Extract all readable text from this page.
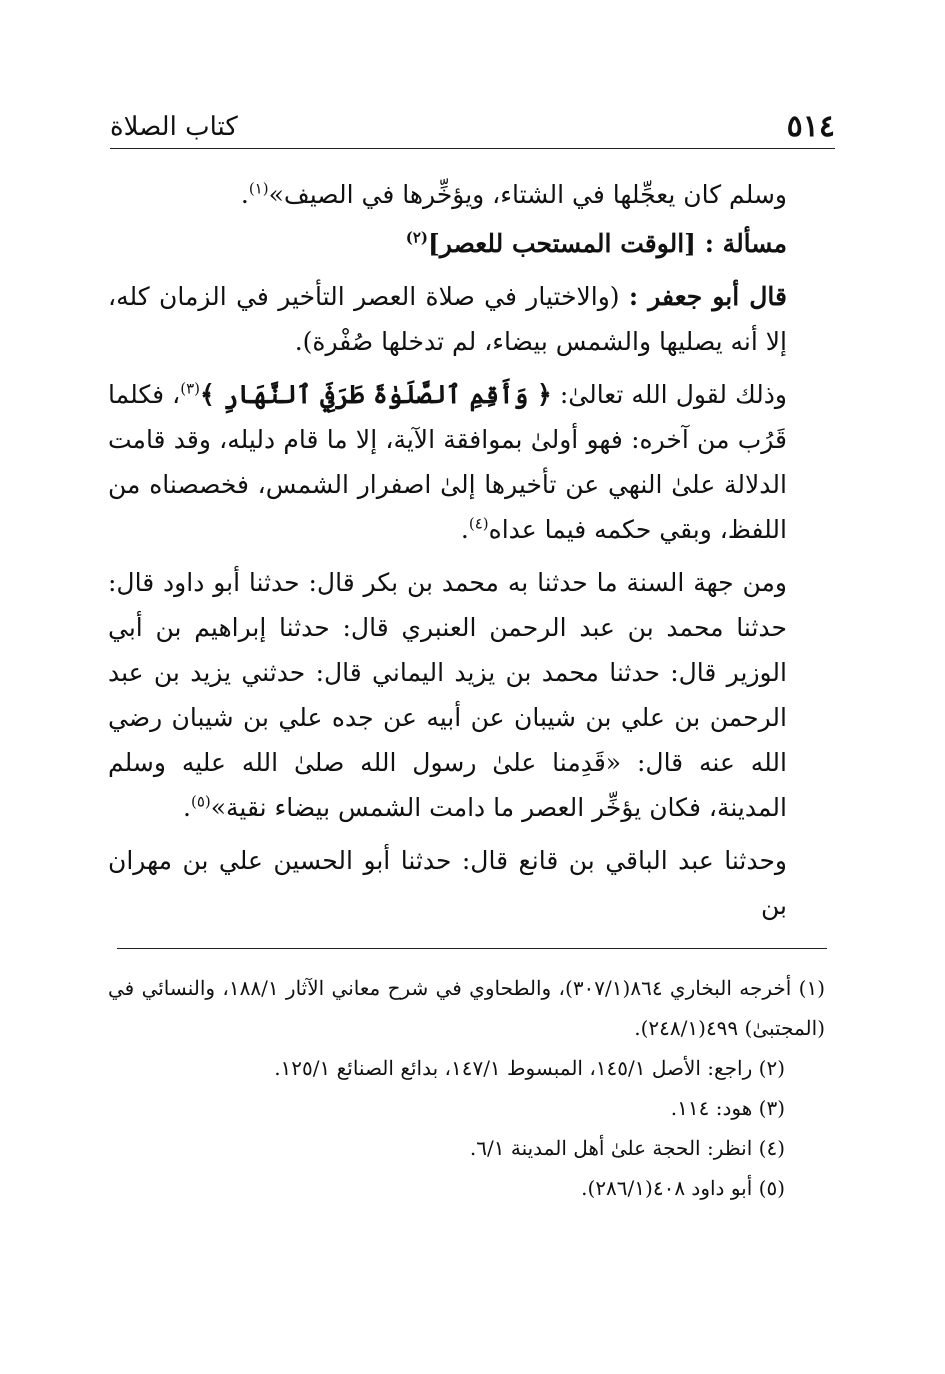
٥١٤
كتاب الصلاة

وسلم كان يعجِّلها في الشتاء، ويؤخِّرها في الصيف»$^{(١)}$.

مسألة : [الوقت المستحب للعصر]$^{(٢)}$

قال أبو جعفر : (والاختيار في صلاة العصر التأخير في الزمان كله، إلا أنه يصليها والشمس بيضاء، لم تدخلها صُفْرة).

وذلك لقول الله تعالىٰ: ﴿ وَأَقِمِ ٱلصَّلَوٰةَ طَرَفَيِ ٱلنَّهَارِ ﴾$^{(٣)}$، فكلما قَرُب من آخره: فهو أولىٰ بموافقة الآية، إلا ما قام دليله، وقد قامت الدلالة علىٰ النهي عن تأخيرها إلىٰ اصفرار الشمس، فخصصناه من اللفظ، وبقي حكمه فيما عداه$^{(٤)}$.

ومن جهة السنة ما حدثنا به محمد بن بكر قال: حدثنا أبو داود قال: حدثنا محمد بن عبد الرحمن العنبري قال: حدثنا إبراهيم بن أبي الوزير قال: حدثنا محمد بن يزيد اليماني قال: حدثني يزيد بن عبد الرحمن بن علي بن شيبان عن أبيه عن جده علي بن شيبان رضي الله عنه قال: «قَدِمنا علىٰ رسول الله صلىٰ الله عليه وسلم المدينة، فكان يؤخِّر العصر ما دامت الشمس بيضاء نقية»$^{(٥)}$.

وحدثنا عبد الباقي بن قانع قال: حدثنا أبو الحسين علي بن مهران بن

(١) أخرجه البخاري ٨٦٤(٣٠٧/١)، والطحاوي في شرح معاني الآثار ١٨٨/١، والنسائي في (المجتبىٰ) ٤٩٩(٢٤٨/١).

(٢) راجع: الأصل ١٤٥/١، المبسوط ١٤٧/١، بدائع الصنائع ١٢٥/١.

(٣) هود: ١١٤.

(٤) انظر: الحجة علىٰ أهل المدينة ٦/١.

(٥) أبو داود ٤٠٨(٢٨٦/١).
